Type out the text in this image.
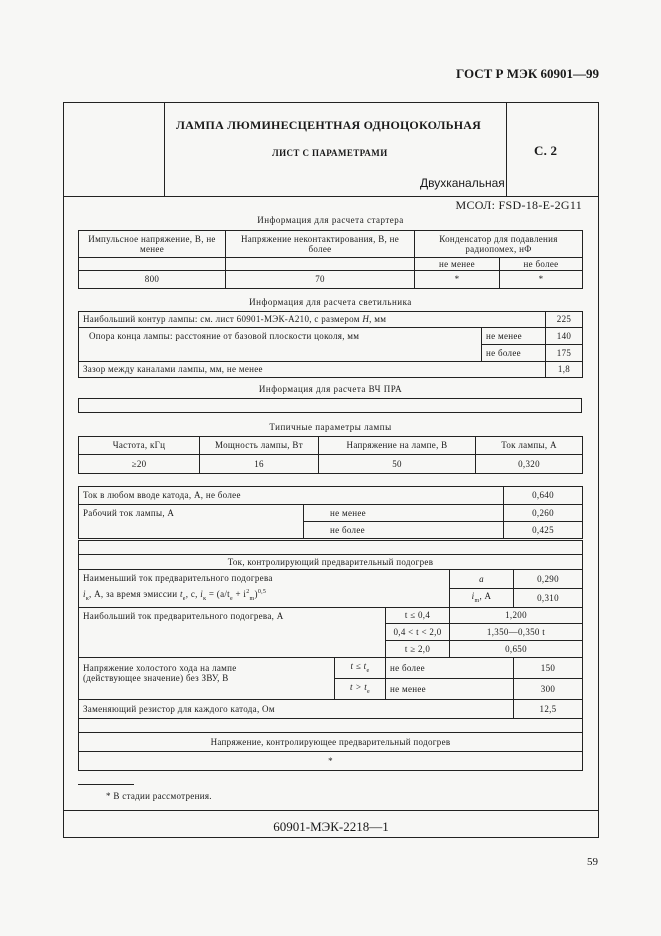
ГОСТ Р МЭК 60901—99
ЛАМПА ЛЮМИНЕСЦЕНТНАЯ ОДНОЦОКОЛЬНАЯ
ЛИСТ С ПАРАМЕТРАМИ
Двухканальная
С. 2
МСОЛ: FSD-18-E-2G11
60901-МЭК-2218—1
Информация для расчета стартера
Импульсное напряжение, В, не менее	Напряжение неконтактирования, В, не более	Конденсатор для подавления радиопомех, нФ	

		не менее	не более
800	70	*	*
Информация для расчета светильника
Наибольший контур лампы: см. лист 60901-МЭК-А210, с размером H, мм		225
Опора конца лампы: расстояние от базовой плоскости цоколя, мм	не менее	140
	не более	175
Зазор между каналами лампы, мм, не менее		1,8
Информация для расчета ВЧ ПРА
Типичные параметры лампы
Частота, кГц	Мощность лампы, Вт	Напряжение на лампе, В	Ток лампы, А
≥20	16	50	0,320
Ток в любом вводе катода, А, не более		0,640
Рабочий ток лампы, А	не менее	0,260
	не более	0,425

Ток, контролирующий предварительный подогрев				

Наименьший ток предварительного подогрева
$i_к$, А, за время эмиссии $t_e$, с, $i_к = (a/t_e + i^2_m)^{0,5}$			a	0,290
			$i_m$, А	0,310
Наибольший ток предварительного подогрева, А		t ≤ 0,4	1,200	
		0,4 < t < 2,0	1,350—0,350 t	
		t ≥ 2,0	0,650	

Напряжение холостого хода на лампе
(действующее значение) без ЗВУ, В	$t \le t_e$	не более		150
	$t > t_e$	не менее		300
Заменяющий резистор для каждого катода, Ом				12,5

Напряжение, контролирующее предварительный подогрев				
*				
* В стадии рассмотрения.
59
